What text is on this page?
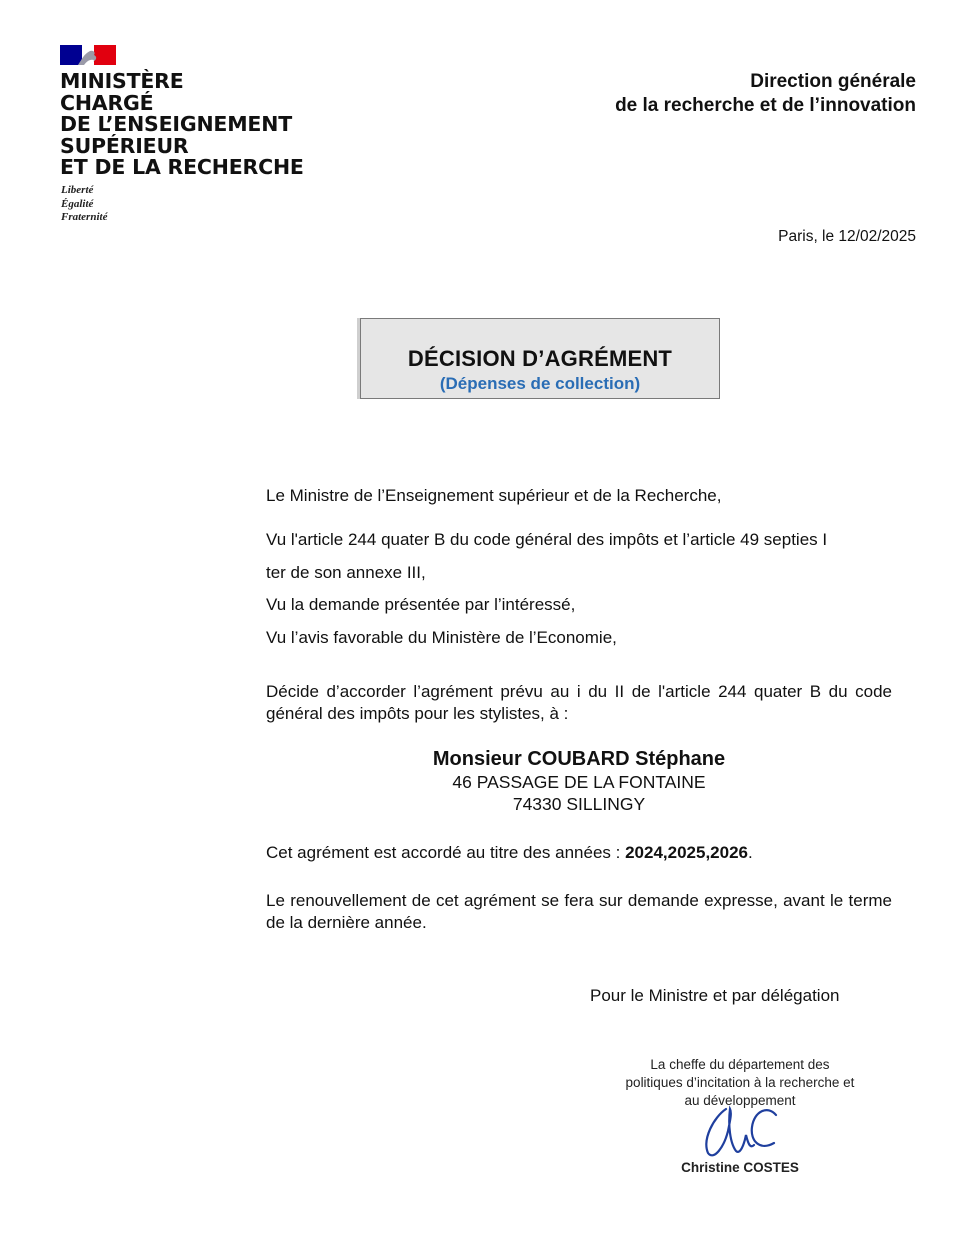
MINISTÈRE
CHARGÉ
DE L’ENSEIGNEMENT
SUPÉRIEUR
ET DE LA RECHERCHE
Liberté
Égalité
Fraternité
Direction générale
de la recherche et de l’innovation
Paris, le 12/02/2025
DÉCISION D’AGRÉMENT
(Dépenses de collection)
Le Ministre de l’Enseignement supérieur et de la Recherche,
Vu l'article 244 quater B du code général des impôts et l’article 49 septies I
ter de son annexe III,
Vu la demande présentée par l’intéressé,
Vu l’avis favorable du Ministère de l’Economie,
Décide d’accorder l’agrément prévu au i du II de l'article 244 quater B du code général des impôts pour les stylistes, à :
Monsieur COUBARD Stéphane
46 PASSAGE DE LA FONTAINE
74330 SILLINGY
Cet agrément est accordé au titre des années : 2024,2025,2026.
Le renouvellement de cet agrément se fera sur demande expresse, avant le terme de la dernière année.
Pour le Ministre et par délégation
La cheffe du département des
politiques d’incitation à la recherche et
au développement
Christine COSTES
